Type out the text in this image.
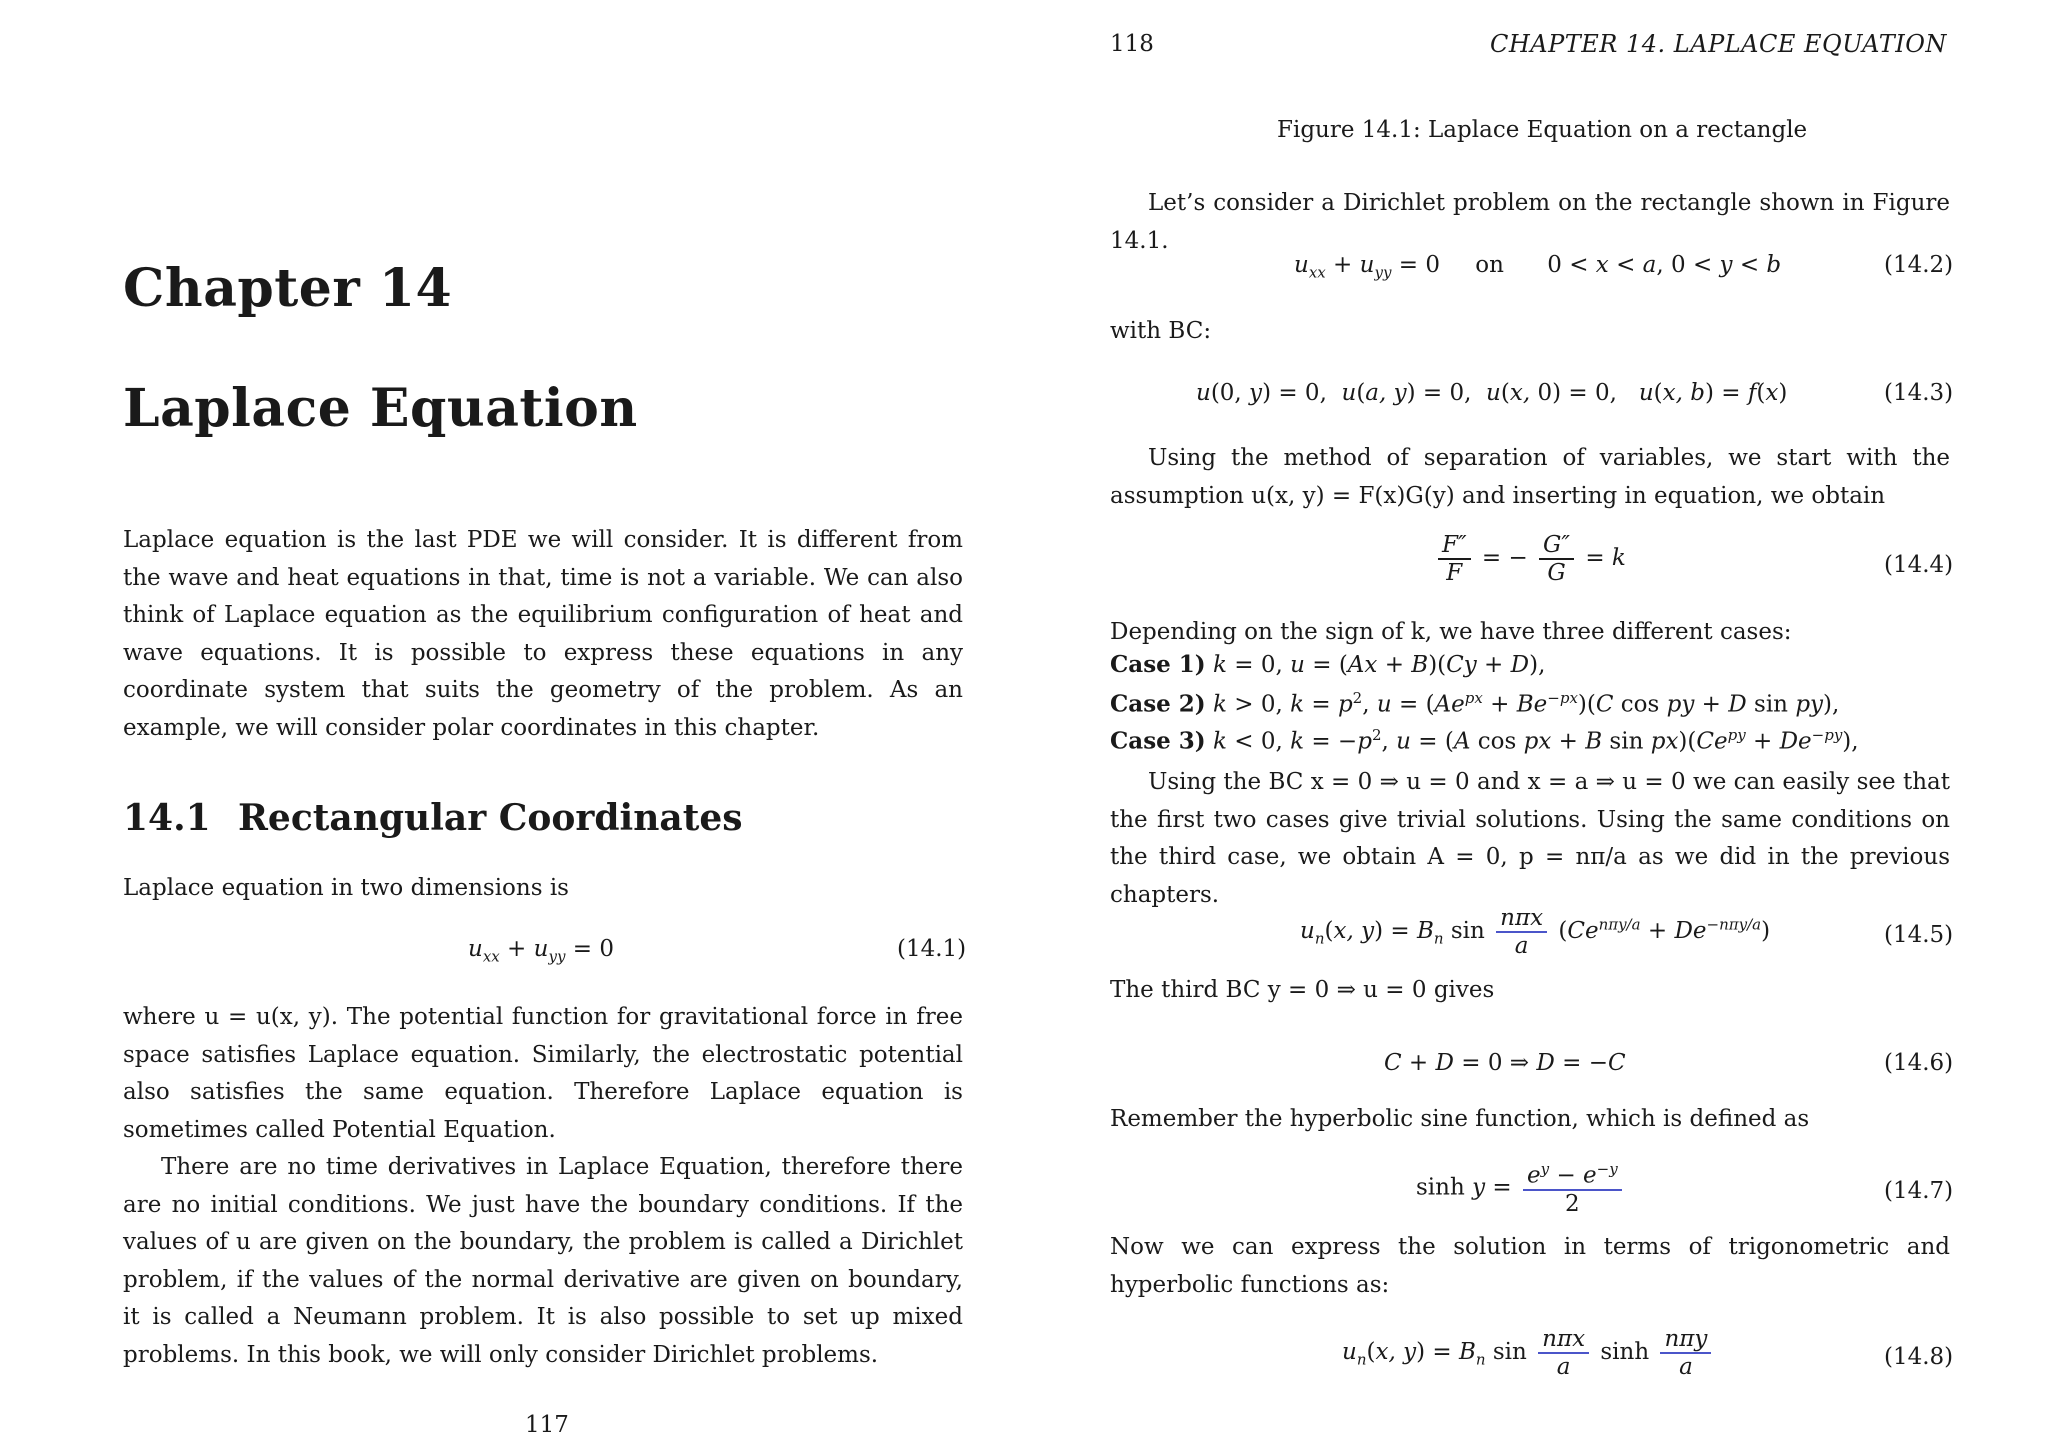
Chapter 14
Laplace Equation
Laplace equation is the last PDE we will consider. It is different from the wave and heat equations in that, time is not a variable. We can also think of Laplace equation as the equilibrium configuration of heat and wave equations. It is possible to express these equations in any coordinate system that suits the geometry of the problem. As an example, we will consider polar coordinates in this chapter.
14.1 Rectangular Coordinates
Laplace equation in two dimensions is
$u_{xx} + u_{yy} = 0$	(14.1)
where u = u(x, y). The potential function for gravitational force in free space satisfies Laplace equation. Similarly, the electrostatic potential also satisfies the same equation. Therefore Laplace equation is sometimes called Potential Equation.
There are no time derivatives in Laplace Equation, therefore there are no initial conditions. We just have the boundary conditions. If the values of u are given on the boundary, the problem is called a Dirichlet problem, if the values of the normal derivative are given on boundary, it is called a Neumann problem. It is also possible to set up mixed problems. In this book, we will only consider Dirichlet problems.
117
118	CHAPTER 14. LAPLACE EQUATION
Figure 14.1: Laplace Equation on a rectangle
Let’s consider a Dirichlet problem on the rectangle shown in Figure 14.1.
$u_{xx} + u_{yy} = 0$ on 0 < x < a, 0 < y < b	(14.2)
with BC:
u(0, y) = 0,  u(a, y) = 0,  u(x, 0) = 0,   u(x, b) = f(x)	(14.3)
Using the method of separation of variables, we start with the assumption u(x, y) = F(x)G(y) and inserting in equation, we obtain
$\frac{F''}{F}$ = − $\frac{G''}{G} = k$	(14.4)
Depending on the sign of k, we have three different cases:
Case 1) k = 0, u = (Ax + B)(Cy + D),
Case 2) k > 0, $k = p^2$, $u = (Ae^{px} + Be^{-px})(C$ cos py + D sin py),
Case 3) k < 0, $k = -p^2$, u = (A cos px + B $\sin px)(Ce^{py} + De^{-py})$,
Using the BC x = 0 ⇒ u = 0 and x = a ⇒ u = 0 we can easily see that the first two cases give trivial solutions. Using the same conditions on the third case, we obtain A = 0, p = nπ/a as we did in the previous chapters.
$u_n(x$, $y) = B_n$ $\sin \frac{\text{nπx}}{a} (Ce^{n\pi y/a} + De^{-n\pi y/a})$	(14.5)
The third BC y = 0 ⇒ u = 0 gives
C + D = 0 ⇒ D = −C	(14.6)
Remember the hyperbolic sine function, which is defined as
$\sinh y = \frac{e^y - e^{-y}}{2}$	(14.7)
Now we can express the solution in terms of trigonometric and hyperbolic functions as:
$u_n(x$, $y) = B_n$ $\sin \frac{\text{nπx}}{a}$ $\sinh \frac{\text{nπy}}{a}$	(14.8)
